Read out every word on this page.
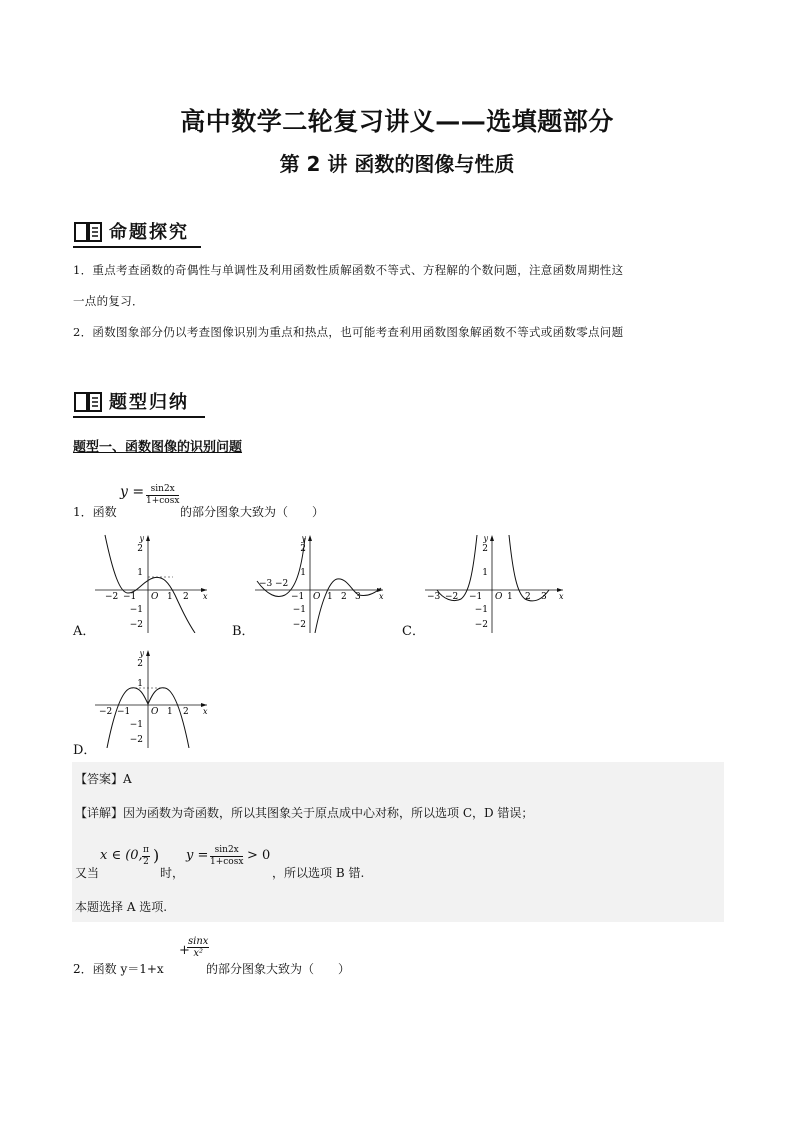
高中数学二轮复习讲义——选填题部分
第 2 讲 函数的图像与性质
命题探究
1．重点考查函数的奇偶性与单调性及利用函数性质解函数不等式、方程解的个数问题，注意函数周期性这
一点的复习．
2．函数图象部分仍以考查图像识别为重点和热点，也可能考查利用函数图象解函数不等式或函数零点问题
题型归纳
题型一、函数图像的识别问题
$y = \frac{\sin 2x}{1+\cos x}$
1．函数	的部分图象大致为（　　）
y
x
2
1
−1
−2
O
−2 −1	1 2
A．
y
x
2
1
−1
−2
O
−3 −2
−1	1 2 3
B．
y
x
2
1
−1
−2
O
−3 −2 −1	1 2 3
C．
y
x
2
1
−1
−2
O
−2 −1	1 2
D．
【答案】A
【详解】因为函数为奇函数，所以其图象关于原点成中心对称，所以选项 C，D 错误；
又当
x ∈ (0, $\frac{\pi}{2}$ )
时，
$y = \frac{\sin 2x}{1+\cos x} > 0$
，所以选项 B 错.
本题选择 A 选项.
+
$\frac{\sin x}{\text{x²}}$
2．函数 y＝1+x	的部分图象大致为（　　）
